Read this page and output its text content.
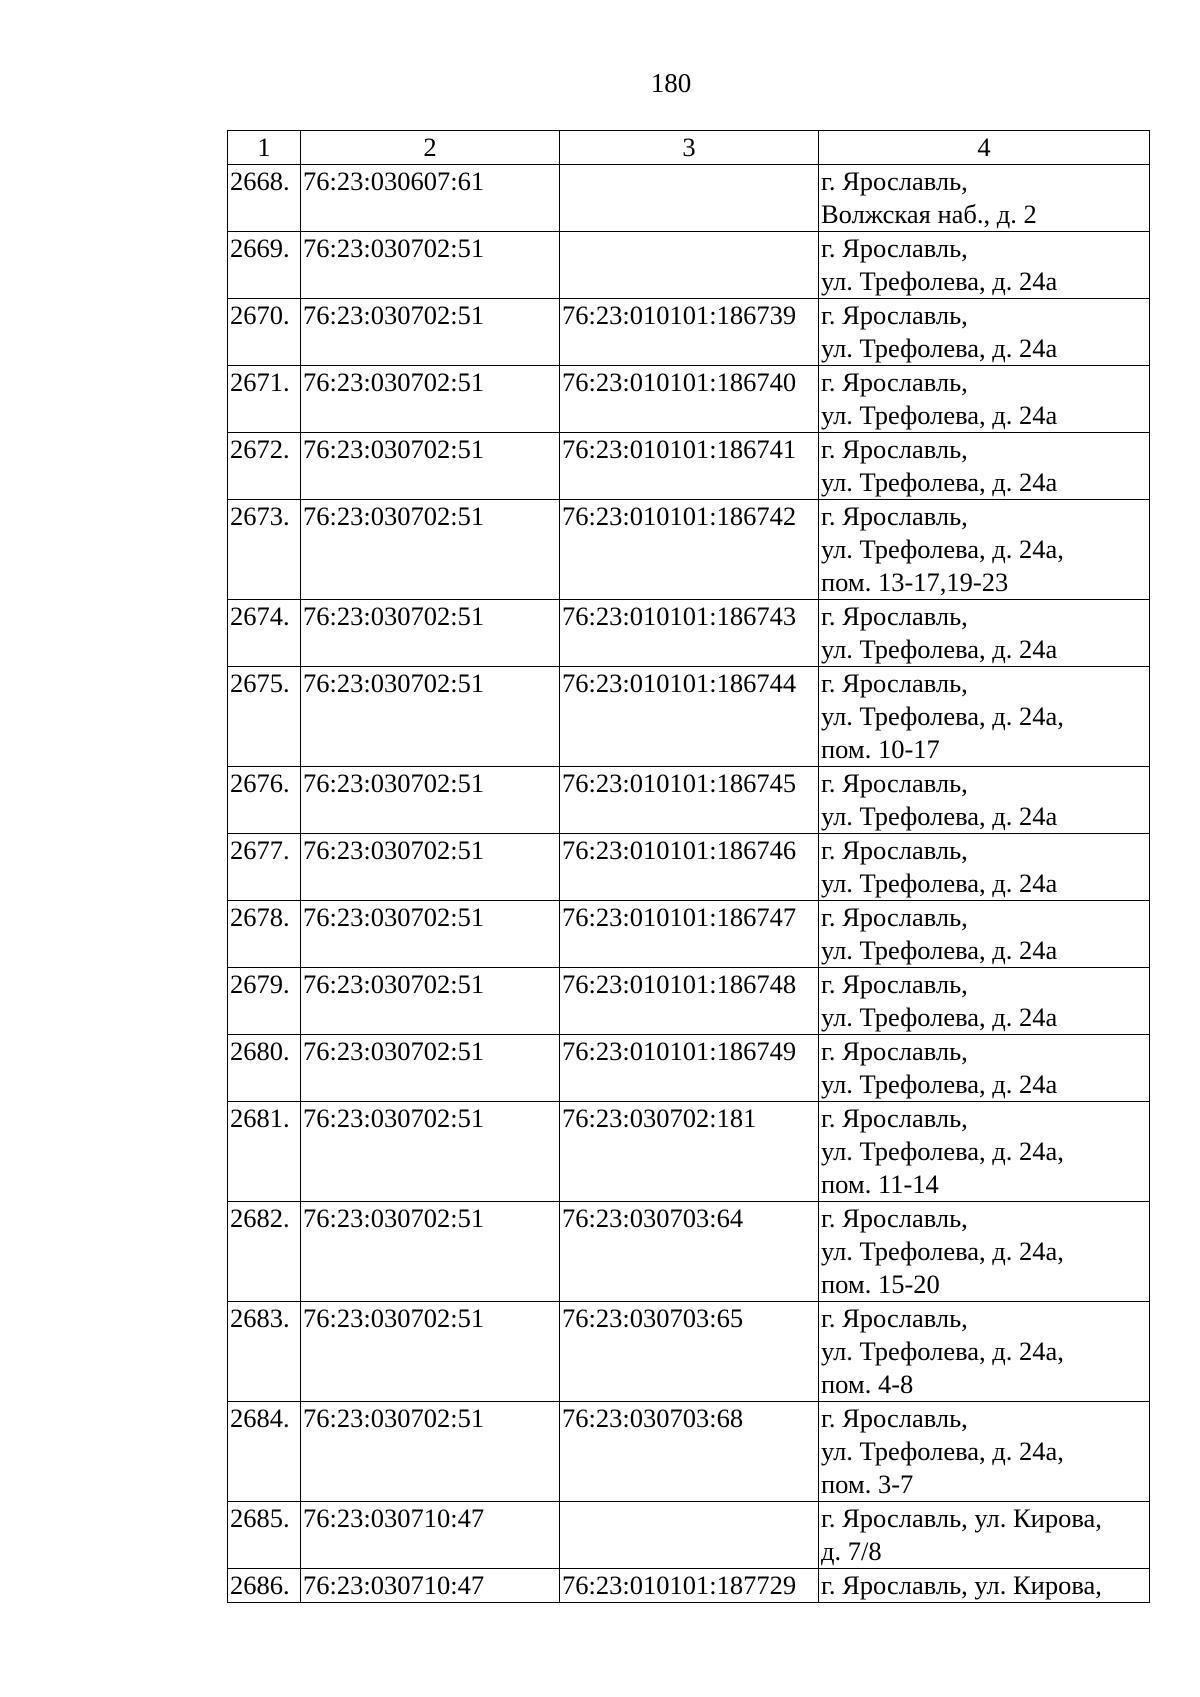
180
1	2	3	4
2668.	76:23:030607:61		г. Ярославль,
Волжская наб., д. 2

2669.	76:23:030702:51		г. Ярославль,
ул. Трефолева, д. 24а

2670.	76:23:030702:51	76:23:010101:186739	г. Ярославль,
ул. Трефолева, д. 24а

2671.	76:23:030702:51	76:23:010101:186740	г. Ярославль,
ул. Трефолева, д. 24а

2672.	76:23:030702:51	76:23:010101:186741	г. Ярославль,
ул. Трефолева, д. 24а

2673.	76:23:030702:51	76:23:010101:186742	г. Ярославль,
ул. Трефолева, д. 24а,
пом. 13-17,19-23

2674.	76:23:030702:51	76:23:010101:186743	г. Ярославль,
ул. Трефолева, д. 24а

2675.	76:23:030702:51	76:23:010101:186744	г. Ярославль,
ул. Трефолева, д. 24а,
пом. 10-17

2676.	76:23:030702:51	76:23:010101:186745	г. Ярославль,
ул. Трефолева, д. 24а

2677.	76:23:030702:51	76:23:010101:186746	г. Ярославль,
ул. Трефолева, д. 24а

2678.	76:23:030702:51	76:23:010101:186747	г. Ярославль,
ул. Трефолева, д. 24а

2679.	76:23:030702:51	76:23:010101:186748	г. Ярославль,
ул. Трефолева, д. 24а

2680.	76:23:030702:51	76:23:010101:186749	г. Ярославль,
ул. Трефолева, д. 24а

2681.	76:23:030702:51	76:23:030702:181	г. Ярославль,
ул. Трефолева, д. 24а,
пом. 11-14

2682.	76:23:030702:51	76:23:030703:64	г. Ярославль,
ул. Трефолева, д. 24а,
пом. 15-20

2683.	76:23:030702:51	76:23:030703:65	г. Ярославль,
ул. Трефолева, д. 24а,
пом. 4-8

2684.	76:23:030702:51	76:23:030703:68	г. Ярославль,
ул. Трефолева, д. 24а,
пом. 3-7

2685.	76:23:030710:47		г. Ярославль, ул. Кирова,
д. 7/8

2686.	76:23:030710:47	76:23:010101:187729	г. Ярославль, ул. Кирова,
